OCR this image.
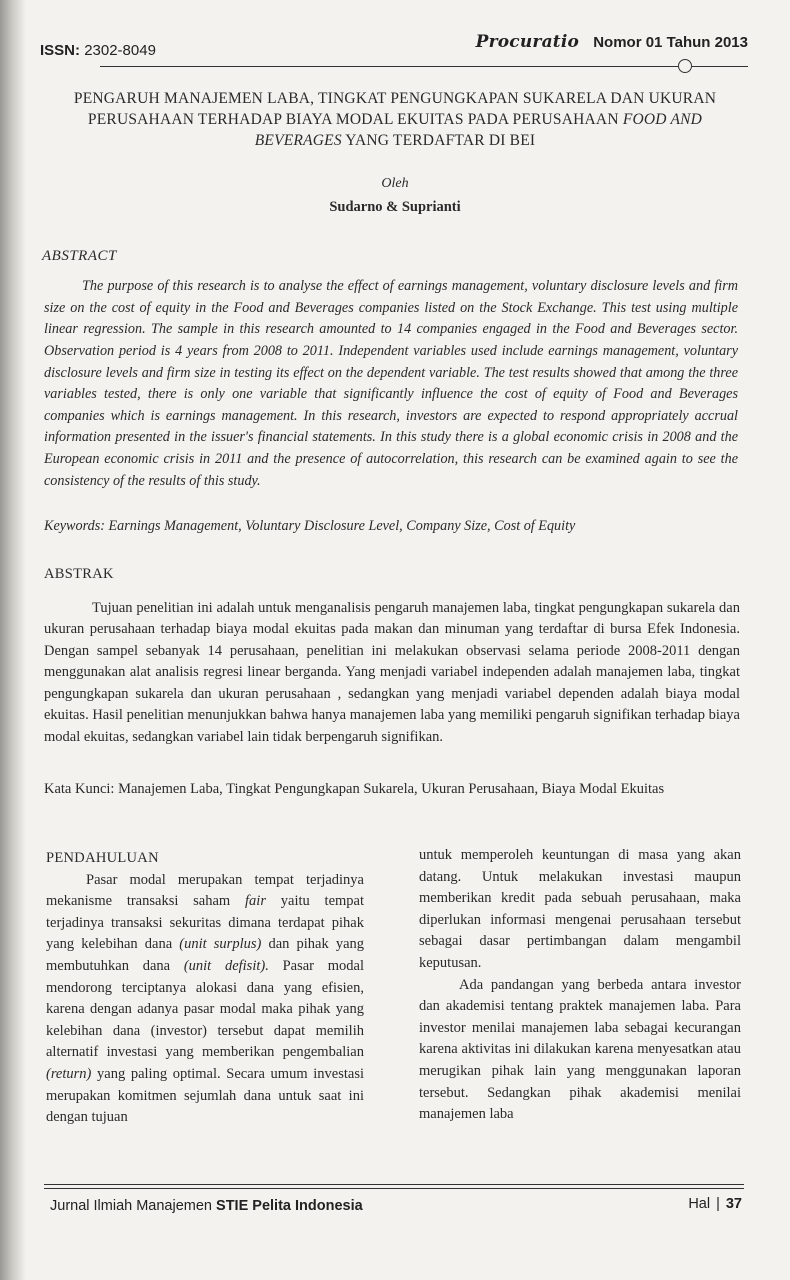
ISSN: 2302-8049	Procuratio Nomor 01 Tahun 2013
PENGARUH MANAJEMEN LABA, TINGKAT PENGUNGKAPAN SUKARELA DAN UKURAN
PERUSAHAAN TERHADAP BIAYA MODAL EKUITAS PADA PERUSAHAAN FOOD AND
BEVERAGES YANG TERDAFTAR DI BEI
Oleh
Sudarno & Suprianti
ABSTRACT

The purpose of this research is to analyse the effect of earnings management, voluntary disclosure levels and firm size on the cost of equity in the Food and Beverages companies listed on the Stock Exchange. This test using multiple linear regression. The sample in this research amounted to 14 companies engaged in the Food and Beverages sector. Observation period is 4 years from 2008 to 2011. Independent variables used include earnings management, voluntary disclosure levels and firm size in testing its effect on the dependent variable. The test results showed that among the three variables tested, there is only one variable that significantly influence the cost of equity of Food and Beverages companies which is earnings management. In this research, investors are expected to respond appropriately accrual information presented in the issuer's financial statements. In this study there is a global economic crisis in 2008 and the European economic crisis in 2011 and the presence of autocorrelation, this research can be examined again to see the consistency of the results of this study.

Keywords: Earnings Management, Voluntary Disclosure Level, Company Size, Cost of Equity
ABSTRAK

Tujuan penelitian ini adalah untuk menganalisis pengaruh manajemen laba, tingkat pengungkapan sukarela dan ukuran perusahaan terhadap biaya modal ekuitas pada makan dan minuman yang terdaftar di bursa Efek Indonesia. Dengan sampel sebanyak 14 perusahaan, penelitian ini melakukan observasi selama periode 2008-2011 dengan menggunakan alat analisis regresi linear berganda. Yang menjadi variabel independen adalah manajemen laba, tingkat pengungkapan sukarela dan ukuran perusahaan , sedangkan yang menjadi variabel dependen adalah biaya modal ekuitas. Hasil penelitian menunjukkan bahwa hanya manajemen laba yang memiliki pengaruh signifikan terhadap biaya modal ekuitas, sedangkan variabel lain tidak berpengaruh signifikan.

Kata Kunci: Manajemen Laba, Tingkat Pengungkapan Sukarela, Ukuran Perusahaan, Biaya Modal Ekuitas
PENDAHULUAN

Pasar modal merupakan tempat terjadinya mekanisme transaksi saham fair yaitu tempat terjadinya transaksi sekuritas dimana terdapat pihak yang kelebihan dana (unit surplus) dan pihak yang membutuhkan dana (unit defisit). Pasar modal mendorong terciptanya alokasi dana yang efisien, karena dengan adanya pasar modal maka pihak yang kelebihan dana (investor) tersebut dapat memilih alternatif investasi yang memberikan pengembalian (return) yang paling optimal. Secara umum investasi merupakan komitmen sejumlah dana untuk saat ini dengan tujuan

untuk memperoleh keuntungan di masa yang akan datang. Untuk melakukan investasi maupun memberikan kredit pada sebuah perusahaan, maka diperlukan informasi mengenai perusahaan tersebut sebagai dasar pertimbangan dalam mengambil keputusan.

Ada pandangan yang berbeda antara investor dan akademisi tentang praktek manajemen laba. Para investor menilai manajemen laba sebagai kecurangan karena aktivitas ini dilakukan karena menyesatkan atau merugikan pihak lain yang menggunakan laporan tersebut. Sedangkan pihak akademisi menilai manajemen laba

Jurnal Ilmiah Manajemen STIE Pelita Indonesia	Hal | 37
